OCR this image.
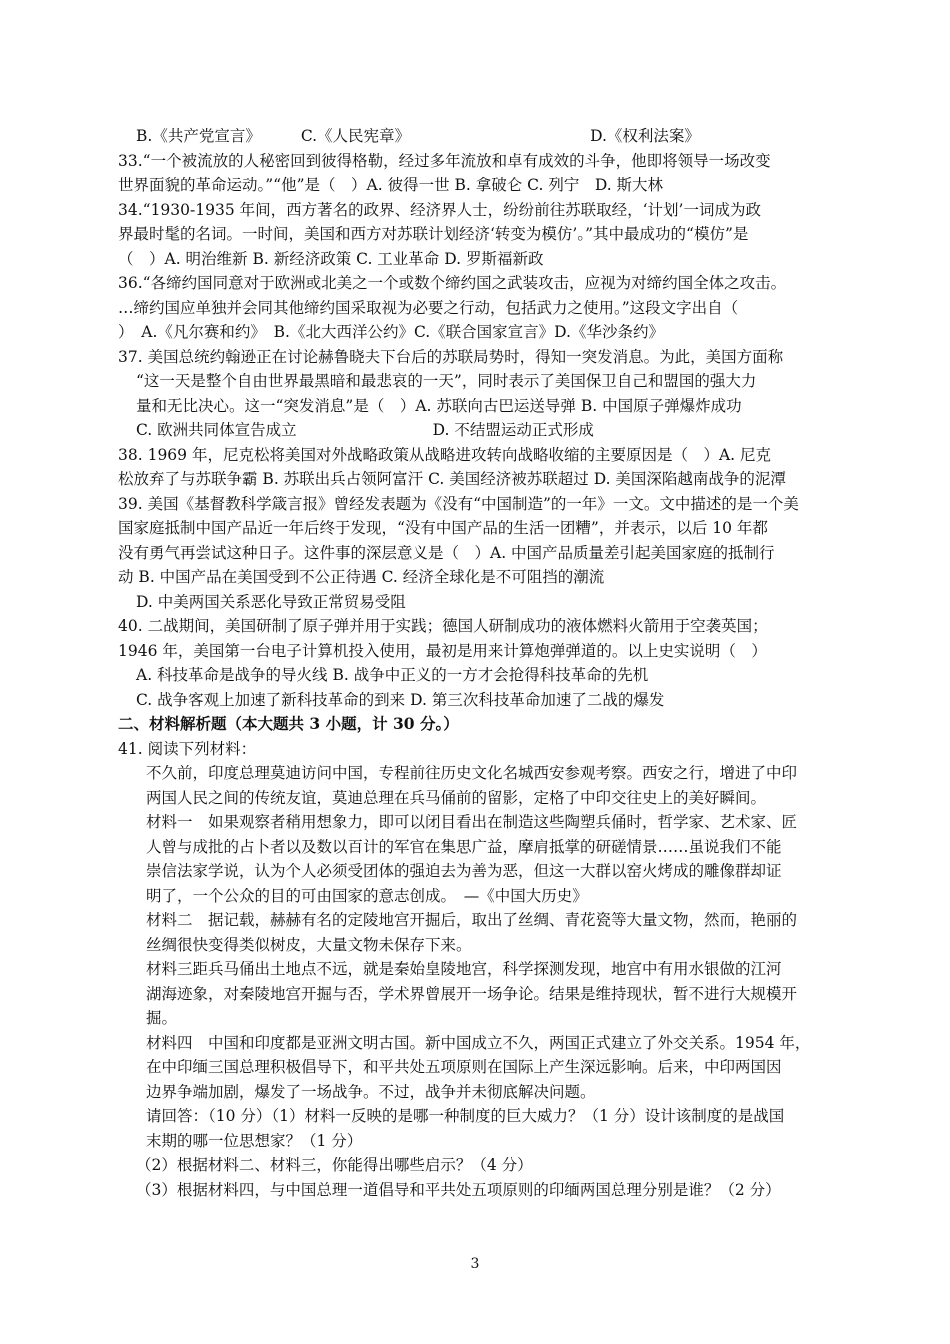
B.《共产党宣言》	C.《人民宪章》	D.《权利法案》
33.“一个被流放的人秘密回到彼得格勒，经过多年流放和卓有成效的斗争，他即将领导一场改变
世界面貌的革命运动。”“他”是（　）A. 彼得一世 B. 拿破仑 C. 列宁　D. 斯大林
34.“1930-1935 年间，西方著名的政界、经济界人士，纷纷前往苏联取经，‘计划’一词成为政
界最时髦的名词。一时间，美国和西方对苏联计划经济‘转变为模仿’。”其中最成功的“模仿”是
（　）A. 明治维新 B. 新经济政策 C. 工业革命 D. 罗斯福新政
36.“各缔约国同意对于欧洲或北美之一个或数个缔约国之武装攻击，应视为对缔约国全体之攻击。
…缔约国应单独并会同其他缔约国采取视为必要之行动，包括武力之使用。”这段文字出自（
）　A.《凡尔赛和约》　B.《北大西洋公约》C.《联合国家宣言》D.《华沙条约》
37. 美国总统约翰逊正在讨论赫鲁晓夫下台后的苏联局势时，得知一突发消息。为此，美国方面称
“这一天是整个自由世界最黑暗和最悲哀的一天”，同时表示了美国保卫自己和盟国的强大力
量和无比决心。这一“突发消息”是（　）A. 苏联向古巴运送导弹 B. 中国原子弹爆炸成功
C. 欧洲共同体宣告成立	D. 不结盟运动正式形成
38. 1969 年，尼克松将美国对外战略政策从战略进攻转向战略收缩的主要原因是（　）A. 尼克
松放弃了与苏联争霸 B. 苏联出兵占领阿富汗 C. 美国经济被苏联超过 D. 美国深陷越南战争的泥潭
39. 美国《基督教科学箴言报》曾经发表题为《没有“中国制造”的一年》一文。文中描述的是一个美
国家庭抵制中国产品近一年后终于发现，“没有中国产品的生活一团糟”，并表示，以后 10 年都
没有勇气再尝试这种日子。这件事的深层意义是（　）A. 中国产品质量差引起美国家庭的抵制行
动 B. 中国产品在美国受到不公正待遇 C. 经济全球化是不可阻挡的潮流
D. 中美两国关系恶化导致正常贸易受阻
40. 二战期间，美国研制了原子弹并用于实践；德国人研制成功的液体燃料火箭用于空袭英国；
1946 年，美国第一台电子计算机投入使用，最初是用来计算炮弹弹道的。以上史实说明（　）
A. 科技革命是战争的导火线 B. 战争中正义的一方才会抢得科技革命的先机
C. 战争客观上加速了新科技革命的到来 D. 第三次科技革命加速了二战的爆发
二、材料解析题（本大题共 3 小题，计 30 分。）
41. 阅读下列材料：
不久前，印度总理莫迪访问中国，专程前往历史文化名城西安参观考察。西安之行，增进了中印
两国人民之间的传统友谊，莫迪总理在兵马俑前的留影，定格了中印交往史上的美好瞬间。
材料一　如果观察者稍用想象力，即可以闭目看出在制造这些陶塑兵俑时，哲学家、艺术家、匠
人曾与成批的占卜者以及数以百计的军官在集思广益，摩肩抵掌的研磋情景……虽说我们不能
崇信法家学说，认为个人必须受团体的强迫去为善为恶，但这一大群以窑火烤成的雕像群却证
明了，一个公众的目的可由国家的意志创成。　—《中国大历史》
材料二　据记载，赫赫有名的定陵地宫开掘后，取出了丝绸、青花瓷等大量文物，然而，艳丽的
丝绸很快变得类似树皮，大量文物未保存下来。
材料三距兵马俑出土地点不远，就是秦始皇陵地宫，科学探测发现，地宫中有用水银做的江河
湖海迹象，对秦陵地宫开掘与否，学术界曾展开一场争论。结果是维持现状，暂不进行大规模开
掘。
材料四　中国和印度都是亚洲文明古国。新中国成立不久，两国正式建立了外交关系。1954 年，
在中印缅三国总理积极倡导下，和平共处五项原则在国际上产生深远影响。后来，中印两国因
边界争端加剧，爆发了一场战争。不过，战争并未彻底解决问题。
请回答：（10 分）（1）材料一反映的是哪一种制度的巨大威力？（1 分）设计该制度的是战国
末期的哪一位思想家？（1 分）
（2）根据材料二、材料三，你能得出哪些启示？（4 分）
（3）根据材料四，与中国总理一道倡导和平共处五项原则的印缅两国总理分别是谁？（2 分）
3
